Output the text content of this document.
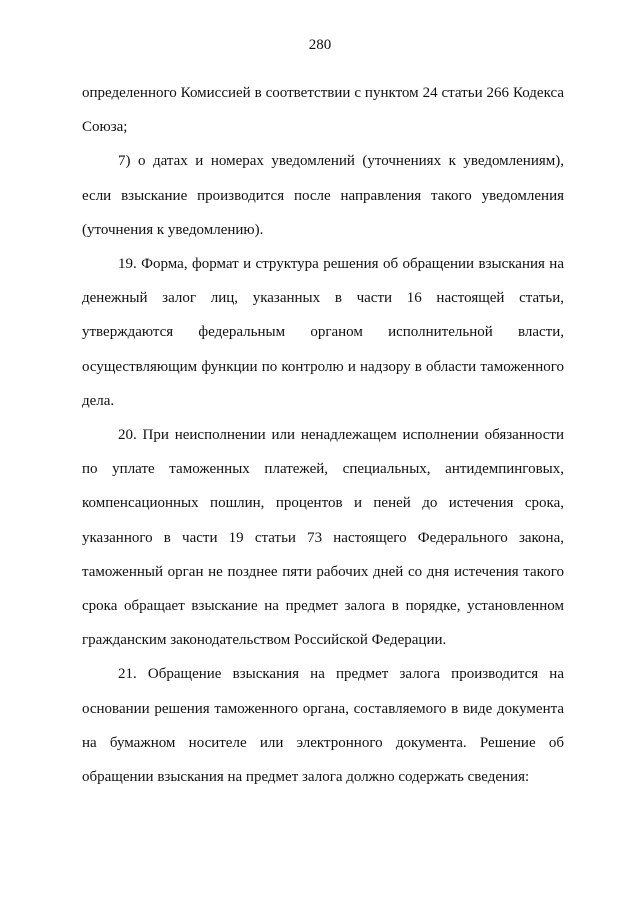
280
определенного Комиссией в соответствии с пунктом 24 статьи 266 Кодекса
Союза;
7) о датах и номерах уведомлений (уточнениях к уведомлениям),
если взыскание производится после направления такого уведомления
(уточнения к уведомлению).
19. Форма, формат и структура решения об обращении взыскания на
денежный залог лиц, указанных в части 16 настоящей статьи,
утверждаются федеральным органом исполнительной власти,
осуществляющим функции по контролю и надзору в области таможенного
дела.
20. При неисполнении или ненадлежащем исполнении обязанности
по уплате таможенных платежей, специальных, антидемпинговых,
компенсационных пошлин, процентов и пеней до истечения срока,
указанного в части 19 статьи 73 настоящего Федерального закона,
таможенный орган не позднее пяти рабочих дней со дня истечения такого
срока обращает взыскание на предмет залога в порядке, установленном
гражданским законодательством Российской Федерации.
21. Обращение взыскания на предмет залога производится на
основании решения таможенного органа, составляемого в виде документа
на бумажном носителе или электронного документа. Решение об
обращении взыскания на предмет залога должно содержать сведения:
